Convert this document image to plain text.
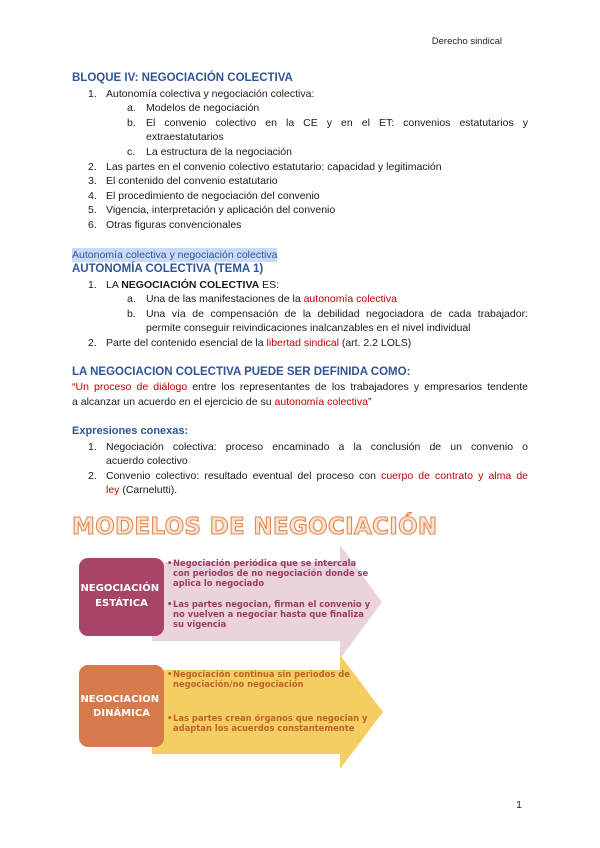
Derecho sindical
BLOQUE IV: NEGOCIACIÓN COLECTIVA
1. Autonomía colectiva y negociación colectiva:
a. Modelos de negociación
b. El convenio colectivo en la CE y en el ET: convenios estatutarios y
extraestatutarios
c. La estructura de la negociación
2. Las partes en el convenio colectivo estatutario: capacidad y legitimación
3. El contenido del convenio estatutario
4. El procedimiento de negociación del convenio
5. Vigencia, interpretación y aplicación del convenio
6. Otras figuras convencionales
Autonomía colectiva y negociación colectiva
AUTONOMÍA COLECTIVA (TEMA 1)
1. LA NEGOCIACIÓN COLECTIVA ES:
a. Una de las manifestaciones de la autonomía colectiva
b. Una vía de compensación de la debilidad negociadora de cada trabajador:
permite conseguir reivindicaciones inalcanzables en el nivel individual
2. Parte del contenido esencial de la libertad sindical (art. 2.2 LOLS)
LA NEGOCIACION COLECTIVA PUEDE SER DEFINIDA COMO:
“Un proceso de diálogo entre los representantes de los trabajadores y empresarios tendente
a alcanzar un acuerdo en el ejercicio de su autonomía colectiva”
Expresiones conexas:
1. Negociación colectiva: proceso encaminado a la conclusión de un convenio o
acuerdo colectivo
2. Convenio colectivo: resultado eventual del proceso con cuerpo de contrato y alma de
ley (Carnelutti).
MODELOS DE NEGOCIACIÓN
NEGOCIACIÓN ESTÁTICA
• Negociación periódica que se intercala con periodos de no negociación donde se aplica lo negociado
• Las partes negocian, firman el convenio y no vuelven a negociar hasta que finaliza su vigencia
NEGOCIACION DINÁMICA
• Negociación continua sin periodos de negociación/no negociación
• Las partes crean órganos que negocian y adaptan los acuerdos constantemente
1
